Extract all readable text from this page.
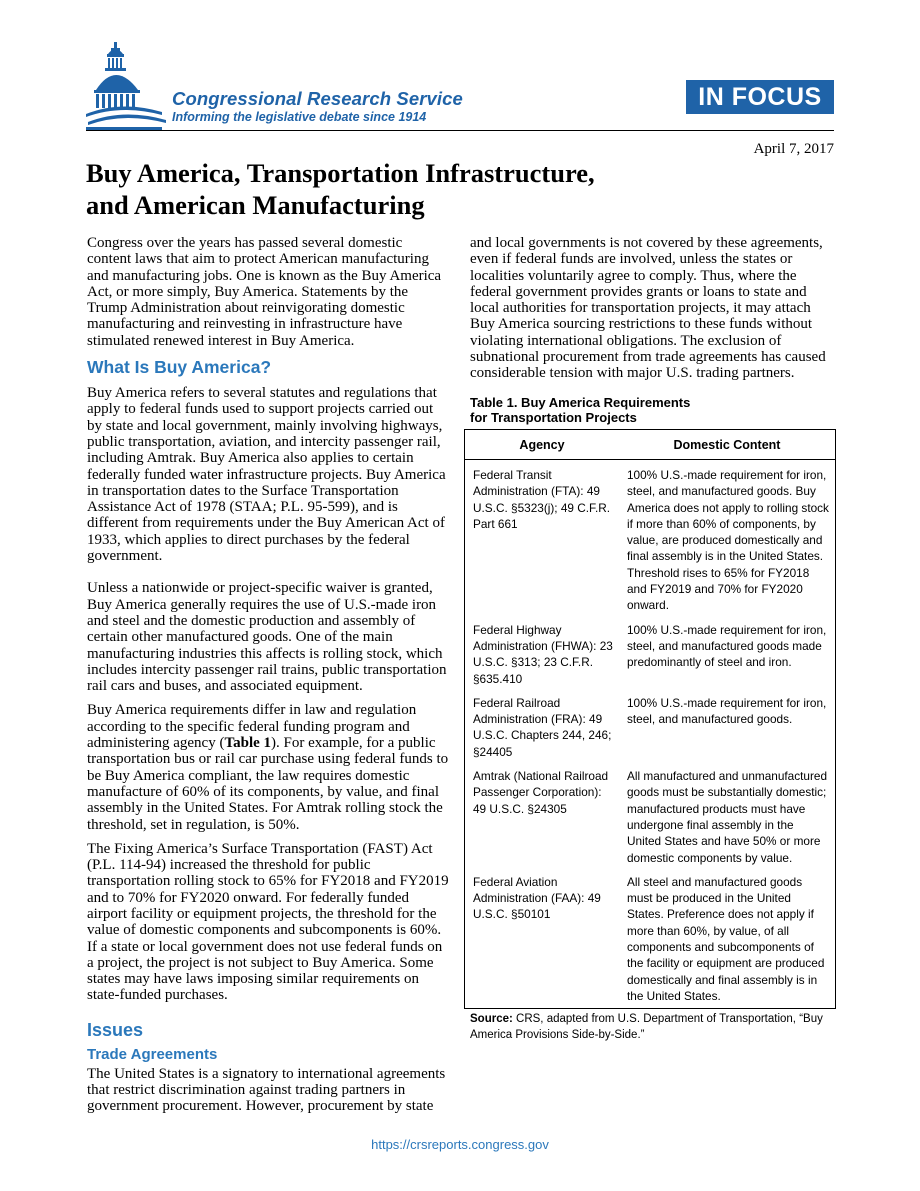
Congressional Research Service
Informing the legislative debate since 1914
IN FOCUS
April 7, 2017
Buy America, Transportation Infrastructure,
and American Manufacturing

Congress over the years has passed several domestic content laws that aim to protect American manufacturing and manufacturing jobs. One is known as the Buy America Act, or more simply, Buy America. Statements by the Trump Administration about reinvigorating domestic manufacturing and reinvesting in infrastructure have stimulated renewed interest in Buy America.

What Is Buy America?

Buy America refers to several statutes and regulations that apply to federal funds used to support projects carried out by state and local government, mainly involving highways, public transportation, aviation, and intercity passenger rail, including Amtrak. Buy America also applies to certain federally funded water infrastructure projects. Buy America in transportation dates to the Surface Transportation Assistance Act of 1978 (STAA; P.L. 95-599), and is different from requirements under the Buy American Act of 1933, which applies to direct purchases by the federal government.

Unless a nationwide or project-specific waiver is granted, Buy America generally requires the use of U.S.-made iron and steel and the domestic production and assembly of certain other manufactured goods. One of the main manufacturing industries this affects is rolling stock, which includes intercity passenger rail trains, public transportation rail cars and buses, and associated equipment.

Buy America requirements differ in law and regulation according to the specific federal funding program and administering agency (Table 1). For example, for a public transportation bus or rail car purchase using federal funds to be Buy America compliant, the law requires domestic manufacture of 60% of its components, by value, and final assembly in the United States. For Amtrak rolling stock the threshold, set in regulation, is 50%.

The Fixing America’s Surface Transportation (FAST) Act (P.L. 114-94) increased the threshold for public transportation rolling stock to 65% for FY2018 and FY2019 and to 70% for FY2020 onward. For federally funded airport facility or equipment projects, the threshold for the value of domestic components and subcomponents is 60%. If a state or local government does not use federal funds on a project, the project is not subject to Buy America. Some states may have laws imposing similar requirements on state-funded purchases.

Issues
Trade Agreements

The United States is a signatory to international agreements that restrict discrimination against trading partners in government procurement. However, procurement by state

and local governments is not covered by these agreements, even if federal funds are involved, unless the states or localities voluntarily agree to comply. Thus, where the federal government provides grants or loans to state and local authorities for transportation projects, it may attach Buy America sourcing restrictions to these funds without violating international obligations. The exclusion of subnational procurement from trade agreements has caused considerable tension with major U.S. trading partners.

Table 1. Buy America Requirements
for Transportation Projects
Agency	Domestic Content
Federal Transit Administration (FTA): 49 U.S.C. §5323(j); 49 C.F.R. Part 661	100% U.S.-made requirement for iron, steel, and manufactured goods. Buy America does not apply to rolling stock if more than 60% of components, by value, are produced domestically and final assembly is in the United States. Threshold rises to 65% for FY2018 and FY2019 and 70% for FY2020 onward.
Federal Highway Administration (FHWA): 23 U.S.C. §313; 23 C.F.R. §635.410	100% U.S.-made requirement for iron, steel, and manufactured goods made predominantly of steel and iron.
Federal Railroad Administration (FRA): 49 U.S.C. Chapters 244, 246; §24405	100% U.S.-made requirement for iron, steel, and manufactured goods.
Amtrak (National Railroad Passenger Corporation): 49 U.S.C. §24305	All manufactured and unmanufactured goods must be substantially domestic; manufactured products must have undergone final assembly in the United States and have 50% or more domestic components by value.
Federal Aviation Administration (FAA): 49 U.S.C. §50101	All steel and manufactured goods must be produced in the United States. Preference does not apply if more than 60%, by value, of all components and subcomponents of the facility or equipment are produced domestically and final assembly is in the United States.
Source: CRS, adapted from U.S. Department of Transportation, “Buy America Provisions Side-by-Side.”
https://crsreports.congress.gov
